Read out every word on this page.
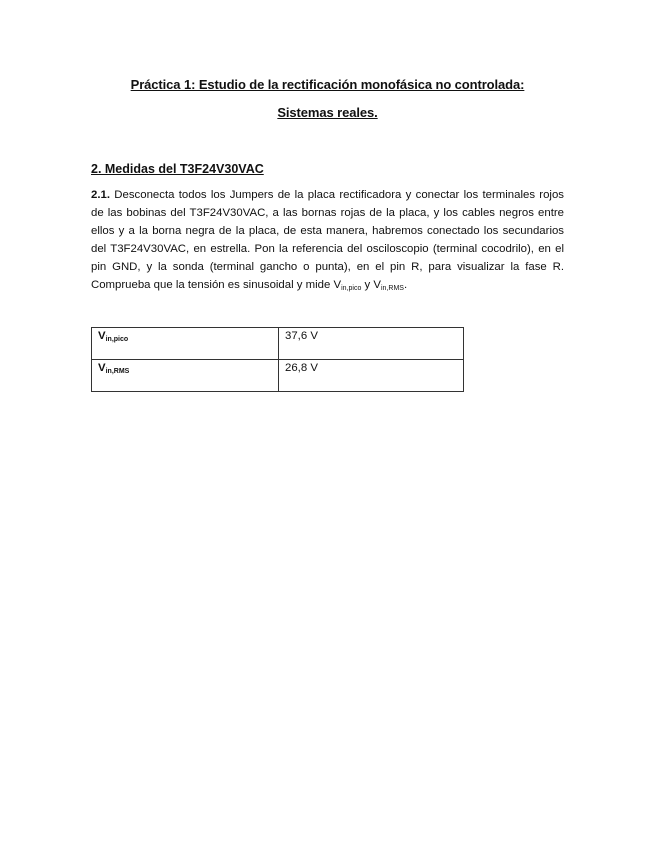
Práctica 1: Estudio de la rectificación monofásica no controlada:
Sistemas reales.
2. Medidas del T3F24V30VAC
2.1. Desconecta todos los Jumpers de la placa rectificadora y conectar los terminales rojos de las bobinas del T3F24V30VAC, a las bornas rojas de la placa, y los cables negros entre ellos y a la borna negra de la placa, de esta manera, habremos conectado los secundarios del T3F24V30VAC, en estrella. Pon la referencia del osciloscopio (terminal cocodrilo), en el pin GND, y la sonda (terminal gancho o punta), en el pin R, para visualizar la fase R. Comprueba que la tensión es sinusoidal y mide $V_{in,pico}$ y $V_{in,RMS}$.
$V_{in,pico}$	37,6 V
$V_{in,RMS}$	26,8 V
